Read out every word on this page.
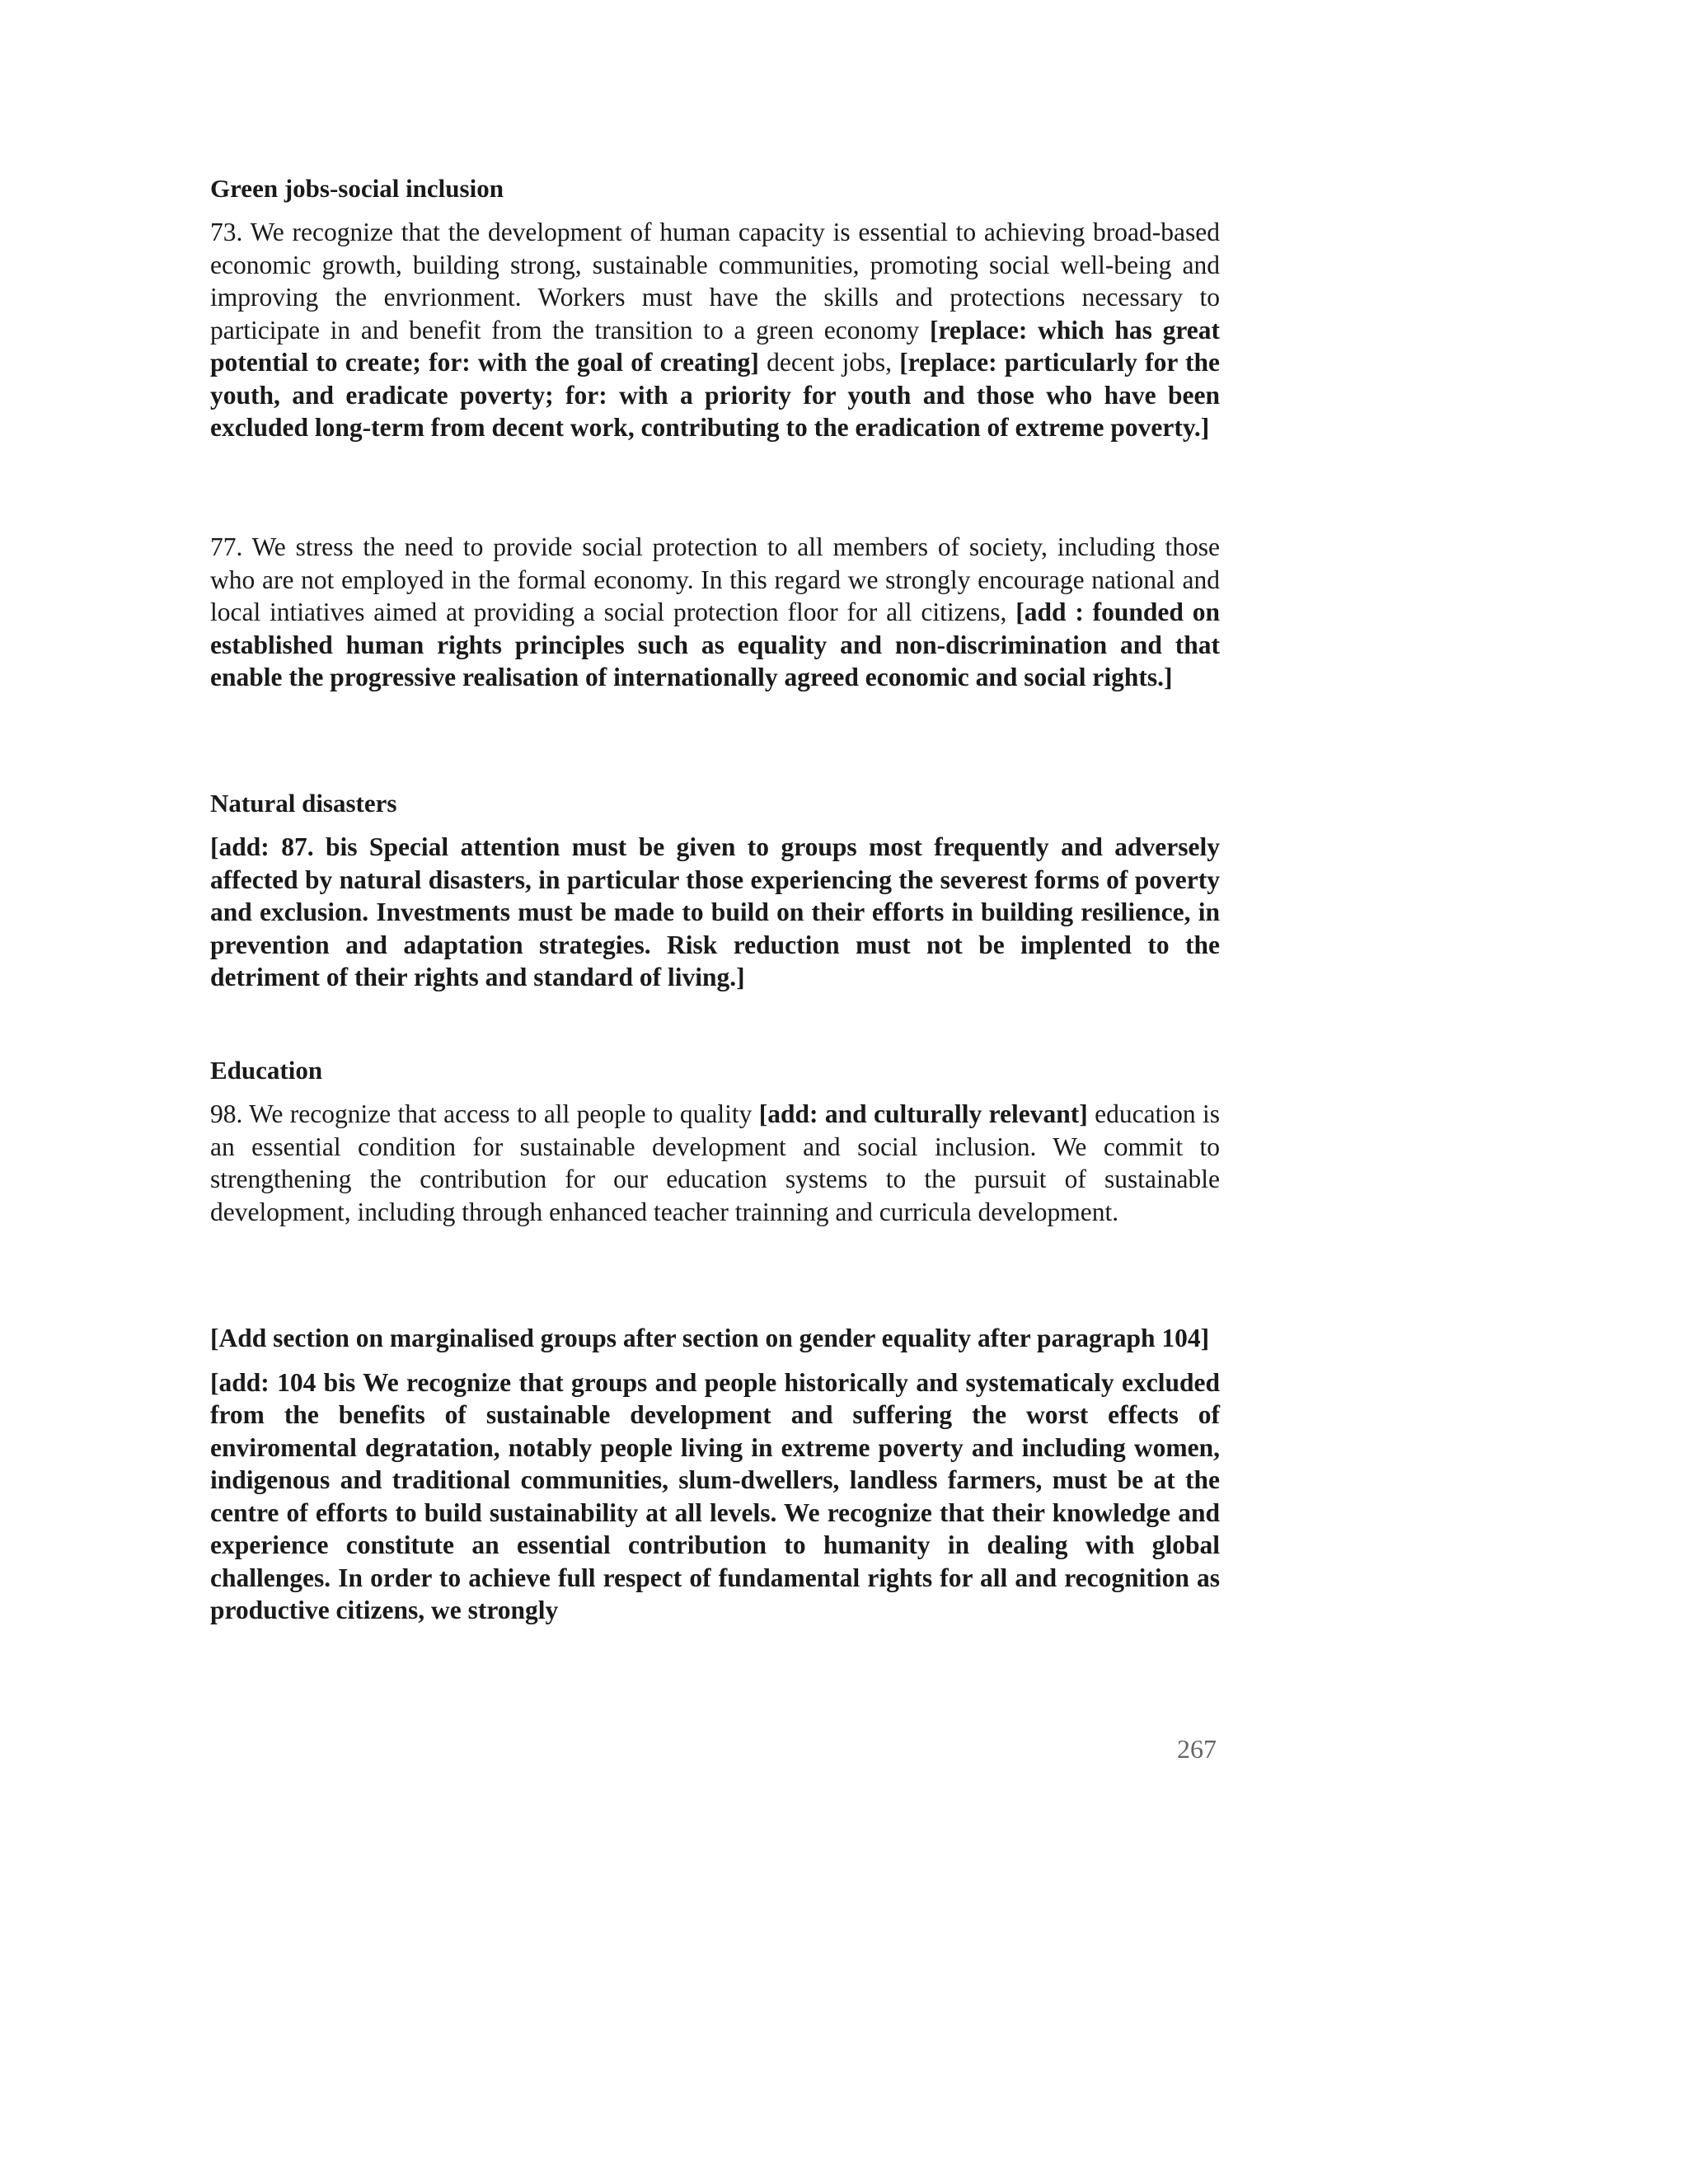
Green jobs-social inclusion

73. We recognize that the development of human capacity is essential to achieving broad-based economic growth, building strong, sustainable communities, promoting social well-being and improving the envrionment. Workers must have the skills and protections necessary to participate in and benefit from the transition to a green economy [replace: which has great potential to create; for: with the goal of creating] decent jobs, [replace: particularly for the youth, and eradicate poverty; for: with a priority for youth and those who have been excluded long-term from decent work, contributing to the eradication of extreme poverty.]

77. We stress the need to provide social protection to all members of society, including those who are not employed in the formal economy. In this regard we strongly encourage national and local intiatives aimed at providing a social protection floor for all citizens, [add : founded on established human rights principles such as equality and non-discrimination and that enable the progressive realisation of internationally agreed economic and social rights.]

Natural disasters

[add: 87. bis Special attention must be given to groups most frequently and adversely affected by natural disasters, in particular those experiencing the severest forms of poverty and exclusion. Investments must be made to build on their efforts in building resilience, in prevention and adaptation strategies. Risk reduction must not be implented to the detriment of their rights and standard of living.]

Education

98. We recognize that access to all people to quality [add: and culturally relevant] education is an essential condition for sustainable development and social inclusion. We commit to strengthening the contribution for our education systems to the pursuit of sustainable development, including through enhanced teacher trainning and curricula development.

[Add section on marginalised groups after section on gender equality after paragraph 104]

[add: 104 bis We recognize that groups and people historically and systematicaly excluded from the benefits of sustainable development and suffering the worst effects of enviromental degratation, notably people living in extreme poverty and including women, indigenous and traditional communities, slum-dwellers, landless farmers, must be at the centre of efforts to build sustainability at all levels. We recognize that their knowledge and experience constitute an essential contribution to humanity in dealing with global challenges. In order to achieve full respect of fundamental rights for all and recognition as productive citizens, we strongly

267
